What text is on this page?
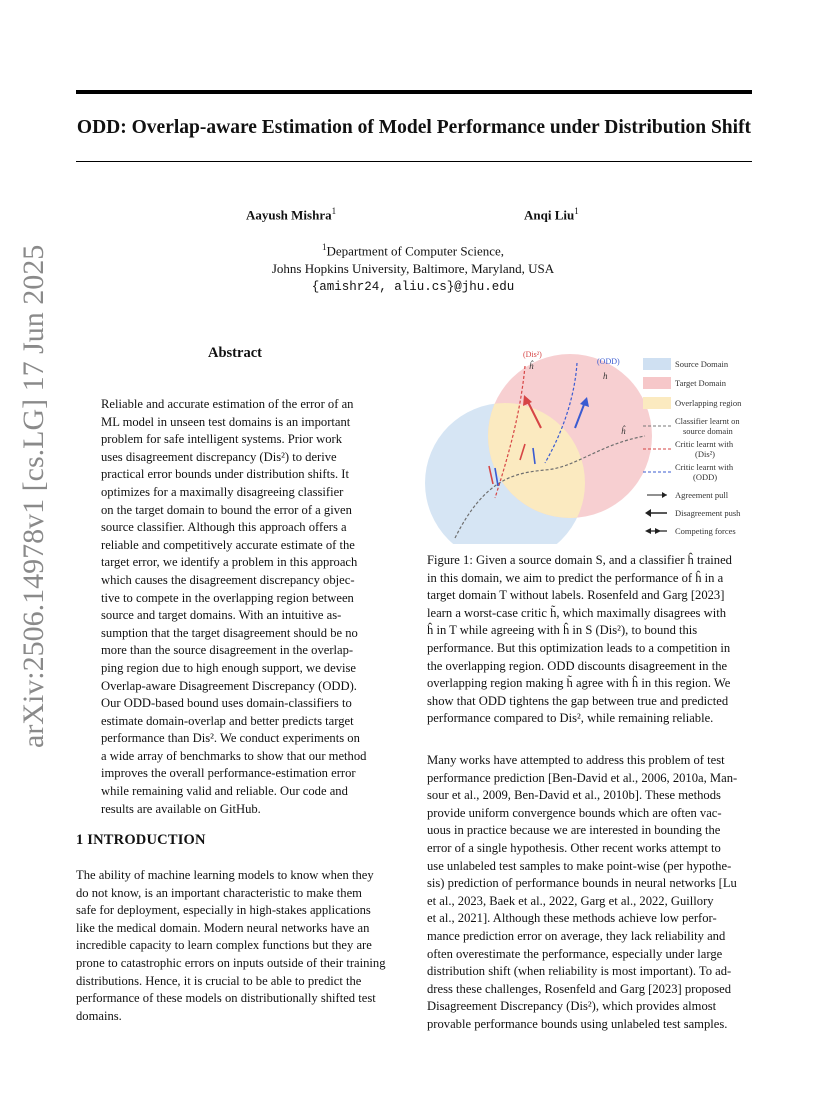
ODD: Overlap-aware Estimation of Model Performance under Distribution Shift
Aayush Mishra$^1$	Anqi Liu$^1$
$^1$Department of Computer Science,
Johns Hopkins University, Baltimore, Maryland, USA
{amishr24, aliu.cs}@jhu.edu
arXiv:2506.14978v1 [cs.LG] 17 Jun 2025	Abstract
Reliable and accurate estimation of the error of an
ML model in unseen test domains is an important
problem for safe intelligent systems. Prior work
uses disagreement discrepancy (Dis²) to derive
practical error bounds under distribution shifts. It
optimizes for a maximally disagreeing classifier
on the target domain to bound the error of a given
source classifier. Although this approach offers a
reliable and competitively accurate estimate of the
target error, we identify a problem in this approach
which causes the disagreement discrepancy objec-
tive to compete in the overlapping region between
source and target domains. With an intuitive as-
sumption that the target disagreement should be no
more than the source disagreement in the overlap-
ping region due to high enough support, we devise
Overlap-aware Disagreement Discrepancy (ODD).
Our ODD-based bound uses domain-classifiers to
estimate domain-overlap and better predicts target
performance than Dis². We conduct experiments on
a wide array of benchmarks to show that our method
improves the overall performance-estimation error
while remaining valid and reliable. Our code and
results are available on GitHub.
1 INTRODUCTION
The ability of machine learning models to know when they
do not know, is an important characteristic to make them
safe for deployment, especially in high-stakes applications
like the medical domain. Modern neural networks have an
incredible capacity to learn complex functions but they are
prone to catastrophic errors on inputs outside of their training
distributions. Hence, it is crucial to be able to predict the
performance of these models on distributionally shifted test
domains.
(Dis²)
ĥ	(ODD)
h
ĥ
Source Domain
Target Domain
Overlapping region
Classifier learnt on
source domain
Critic learnt with
(Dis²)
Critic learnt with
(ODD)
Agreement pull
Disagreement push
Competing forces
Figure 1: Given a source domain S, and a classifier ĥ trained
in this domain, we aim to predict the performance of ĥ in a
target domain T without labels. Rosenfeld and Garg [2023]
learn a worst-case critic h̃, which maximally disagrees with
ĥ in T while agreeing with ĥ in S (Dis²), to bound this
performance. But this optimization leads to a competition in
the overlapping region. ODD discounts disagreement in the
overlapping region making h̃ agree with ĥ in this region. We
show that ODD tightens the gap between true and predicted
performance compared to Dis², while remaining reliable.
Many works have attempted to address this problem of test
performance prediction [Ben-David et al., 2006, 2010a, Man-
sour et al., 2009, Ben-David et al., 2010b]. These methods
provide uniform convergence bounds which are often vac-
uous in practice because we are interested in bounding the
error of a single hypothesis. Other recent works attempt to
use unlabeled test samples to make point-wise (per hypothe-
sis) prediction of performance bounds in neural networks [Lu
et al., 2023, Baek et al., 2022, Garg et al., 2022, Guillory
et al., 2021]. Although these methods achieve low perfor-
mance prediction error on average, they lack reliability and
often overestimate the performance, especially under large
distribution shift (when reliability is most important). To ad-
dress these challenges, Rosenfeld and Garg [2023] proposed
Disagreement Discrepancy (Dis²), which provides almost
provable performance bounds using unlabeled test samples.
